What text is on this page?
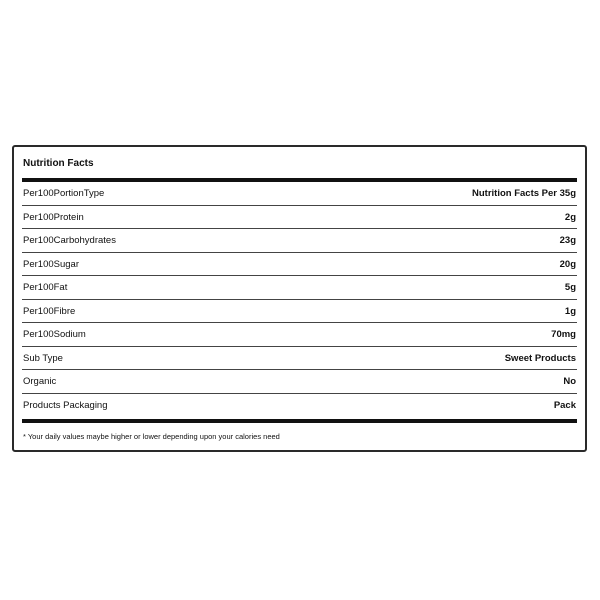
Nutrition Facts
Per100PortionType	Nutrition Facts Per 35g
Per100Protein	2g
Per100Carbohydrates	23g
Per100Sugar	20g
Per100Fat	5g
Per100Fibre	1g
Per100Sodium	70mg
Sub Type	Sweet Products
Organic	No
Products Packaging	Pack
* Your daily values maybe higher or lower depending upon your calories need
